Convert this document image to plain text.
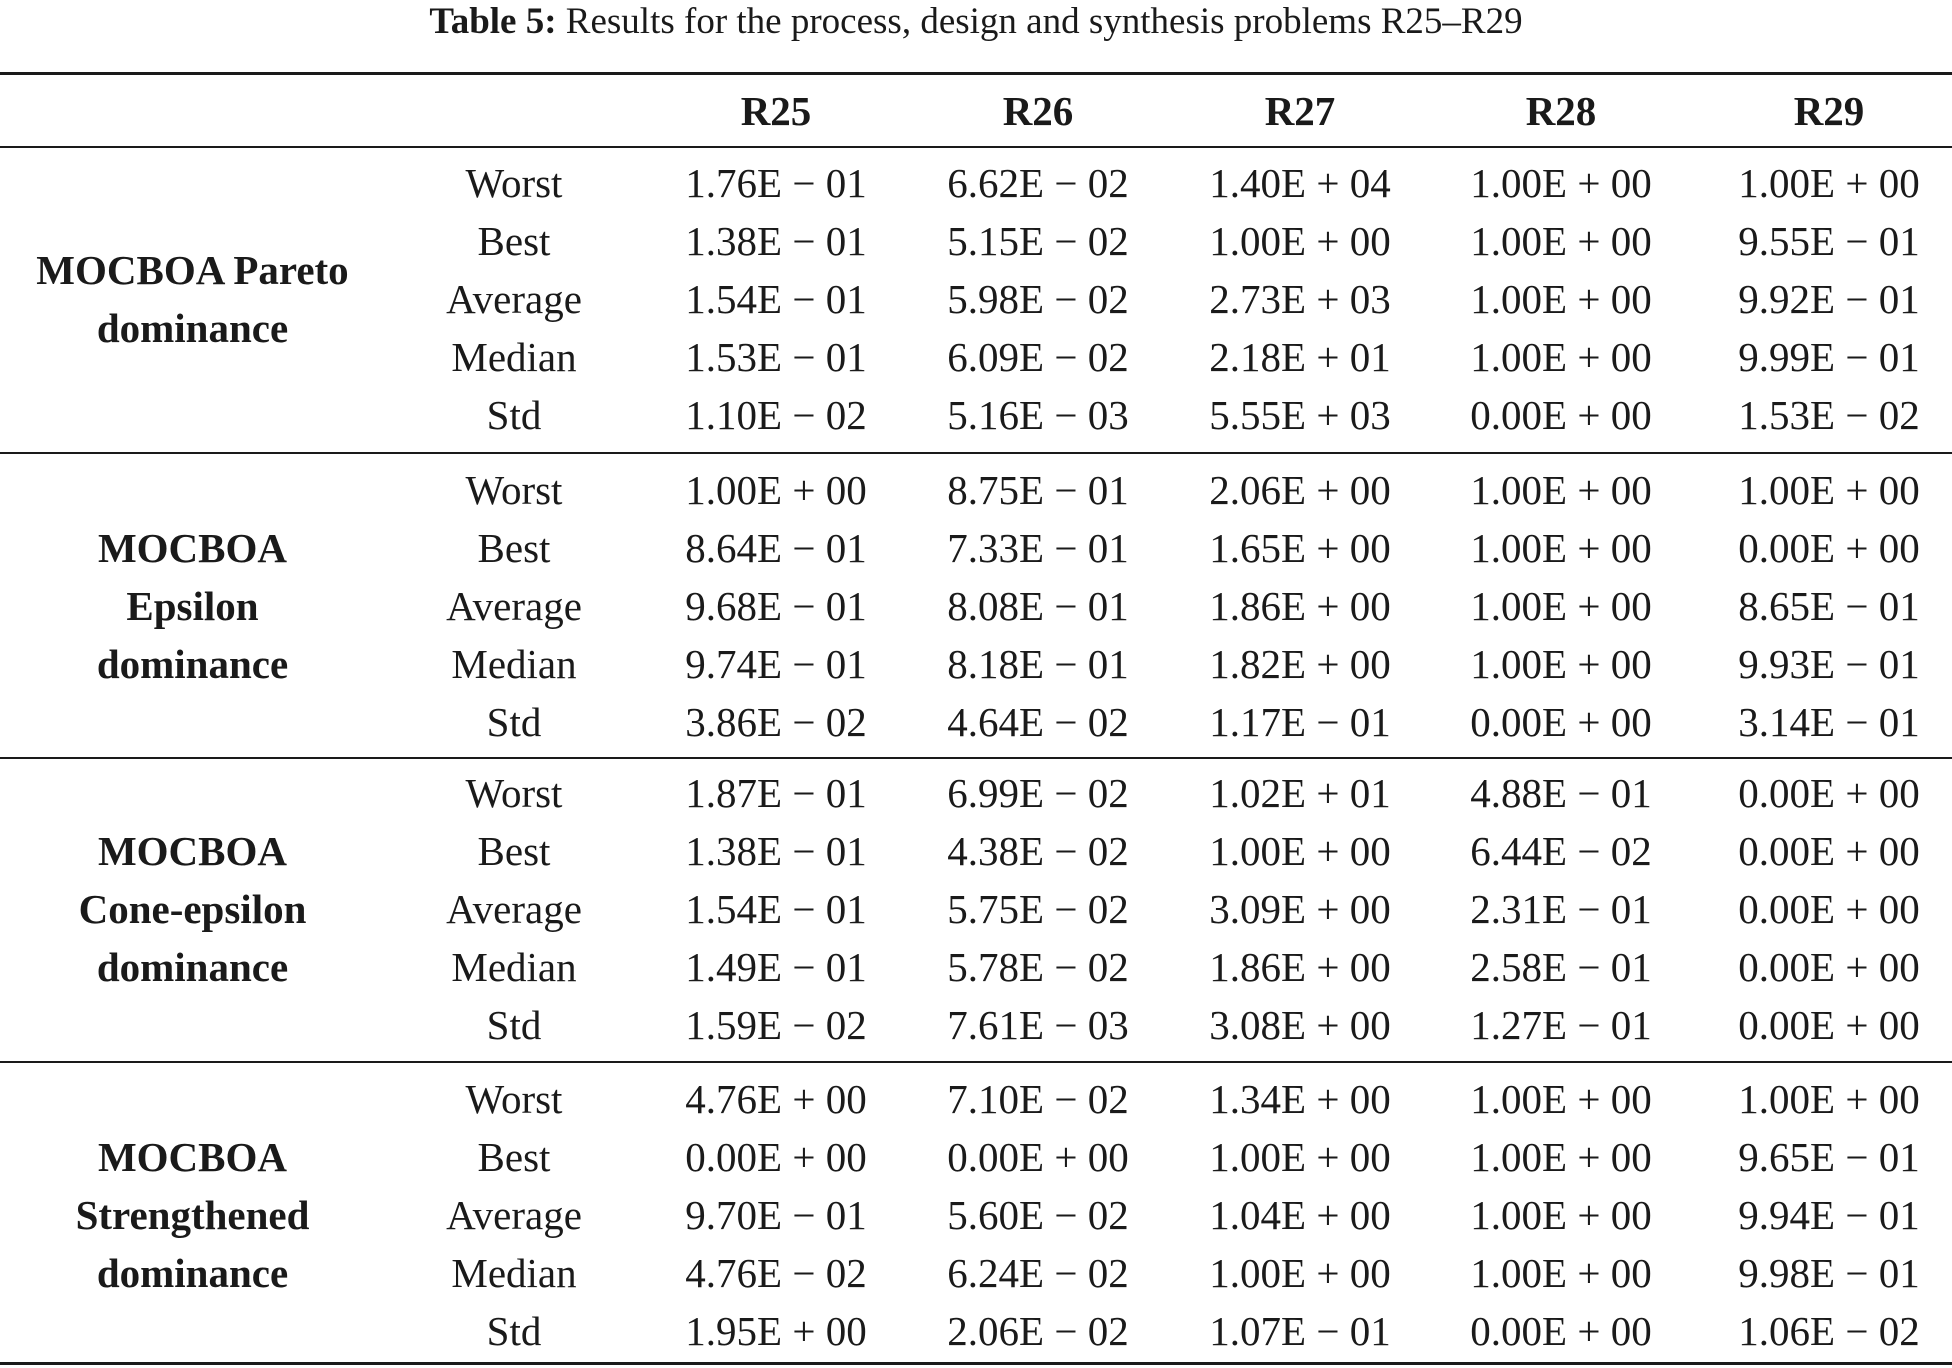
Table 5: Results for the process, design and synthesis problems R25–R29
R25	R26	R27	R28	R29
MOCBOA Pareto
dominance
Worst	1.76E − 01	6.62E − 02	1.40E + 04	1.00E + 00	1.00E + 00
Best	1.38E − 01	5.15E − 02	1.00E + 00	1.00E + 00	9.55E − 01
Average	1.54E − 01	5.98E − 02	2.73E + 03	1.00E + 00	9.92E − 01
Median	1.53E − 01	6.09E − 02	2.18E + 01	1.00E + 00	9.99E − 01
Std	1.10E − 02	5.16E − 03	5.55E + 03	0.00E + 00	1.53E − 02
MOCBOA
Epsilon
dominance
Worst	1.00E + 00	8.75E − 01	2.06E + 00	1.00E + 00	1.00E + 00
Best	8.64E − 01	7.33E − 01	1.65E + 00	1.00E + 00	0.00E + 00
Average	9.68E − 01	8.08E − 01	1.86E + 00	1.00E + 00	8.65E − 01
Median	9.74E − 01	8.18E − 01	1.82E + 00	1.00E + 00	9.93E − 01
Std	3.86E − 02	4.64E − 02	1.17E − 01	0.00E + 00	3.14E − 01
MOCBOA
Cone-epsilon
dominance
Worst	1.87E − 01	6.99E − 02	1.02E + 01	4.88E − 01	0.00E + 00
Best	1.38E − 01	4.38E − 02	1.00E + 00	6.44E − 02	0.00E + 00
Average	1.54E − 01	5.75E − 02	3.09E + 00	2.31E − 01	0.00E + 00
Median	1.49E − 01	5.78E − 02	1.86E + 00	2.58E − 01	0.00E + 00
Std	1.59E − 02	7.61E − 03	3.08E + 00	1.27E − 01	0.00E + 00
MOCBOA
Strengthened
dominance
Worst	4.76E + 00	7.10E − 02	1.34E + 00	1.00E + 00	1.00E + 00
Best	0.00E + 00	0.00E + 00	1.00E + 00	1.00E + 00	9.65E − 01
Average	9.70E − 01	5.60E − 02	1.04E + 00	1.00E + 00	9.94E − 01
Median	4.76E − 02	6.24E − 02	1.00E + 00	1.00E + 00	9.98E − 01
Std	1.95E + 00	2.06E − 02	1.07E − 01	0.00E + 00	1.06E − 02
